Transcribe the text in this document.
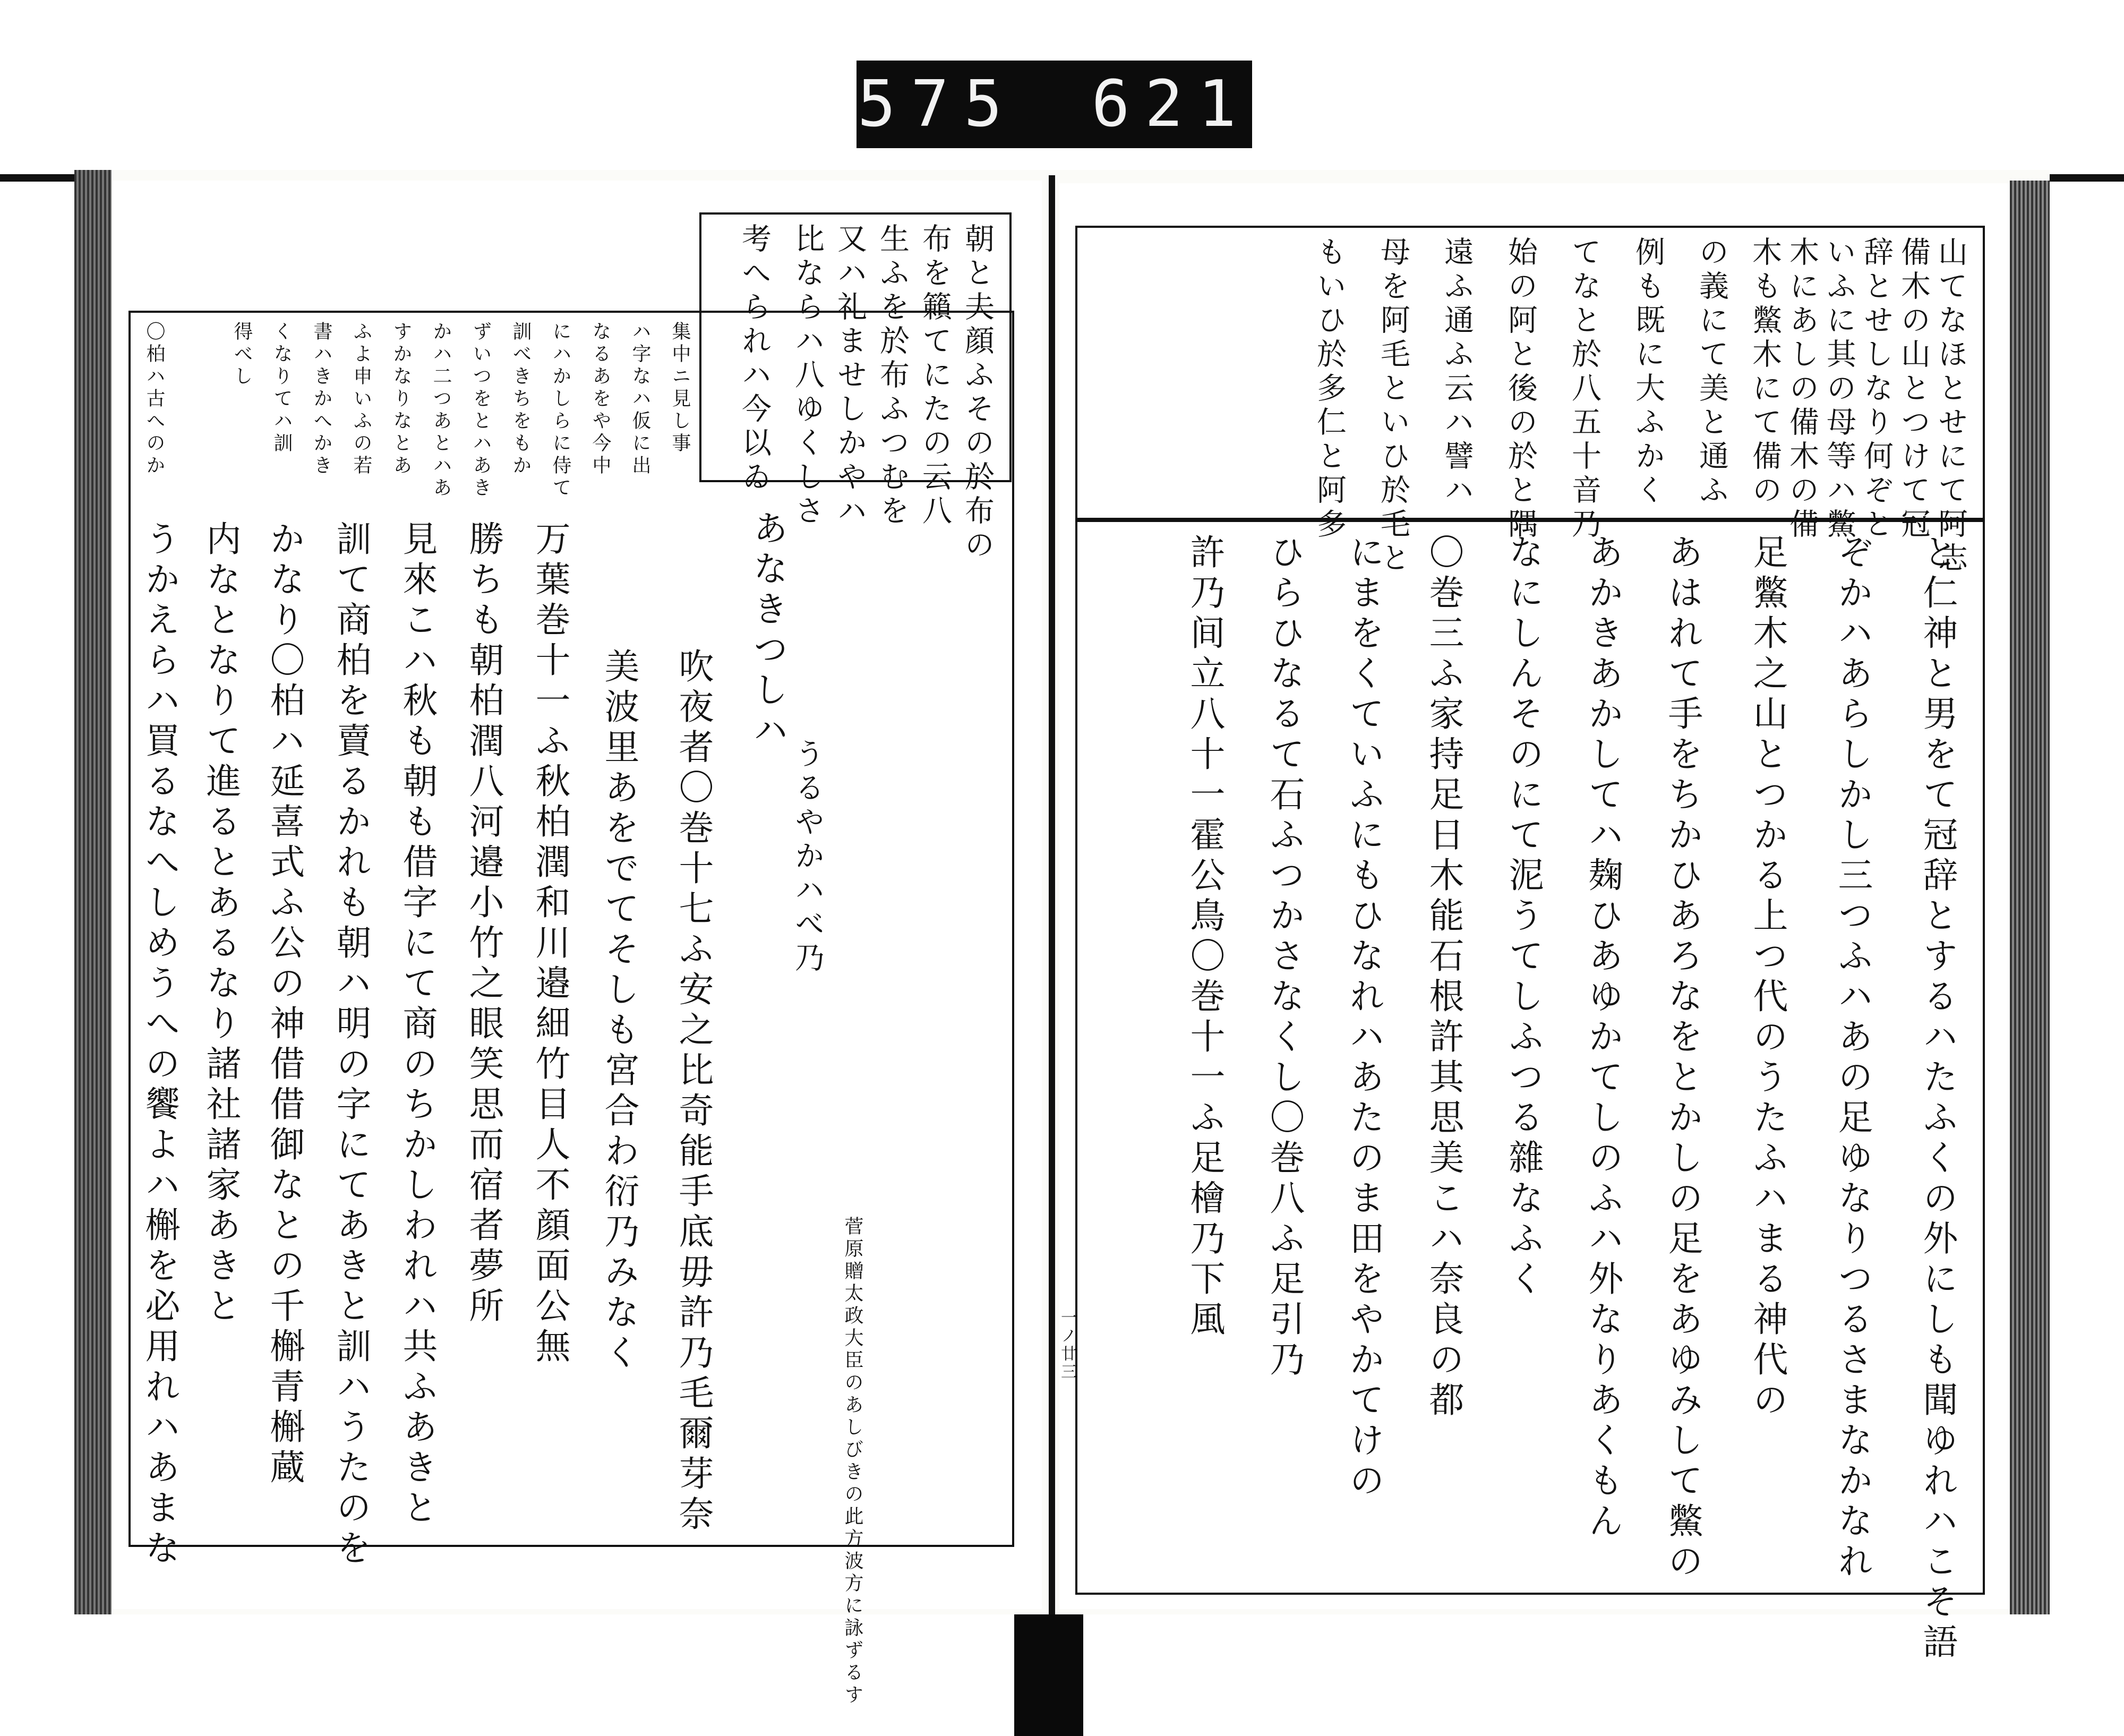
575 621
山てなほとせにて阿志
備木の山とつけて冠
辞とせしなり何ぞと
いふに其の母等ハ鱉
木にあしの備木の備
木も鱉木にて備の
の義にて美と通ふ
例も既に大ふかく
てなと於八五十音乃
始の阿と後の於と隅
遠ふ通ふ云ハ譬ハ
母を阿毛といひ於毛と
もいひ於多仁と阿多
と仁神と男をて冠辞とするハたふくの外にしも聞ゆれハこそ語
ぞかハあらしかし三つふハあの足ゆなりつるさまなかなれ
足鱉木之山とつかる上つ代のうたふハまる神代の
あはれて手をちかひあろなをとかしの足をあゆみして鱉の
あかきあかしてハ麹ひあゆかてしのふハ外なりあくもん
なにしんそのにて泥うてしふつる雜なふく
〇巻三ふ家持足日木能石根許其思美こハ奈良の都
にまをくていふにもひなれハあたのま田をやかてけの
ひらひなるて石ふつかさなくし〇巻八ふ足引乃
許乃间立八十一霍公鳥〇巻十一ふ足檜乃下風
一ノ廿三
朝と夫顔ふその於布の
布を籟てにたの云八
生ふを於布ふつむを
又ハ礼ませしかやハ
比ならハ八ゆくしさ
考へられハ今以ゐ
集中ニ見し事
ハ字なハ仮に出
なるあをや今中
にハかしらに侍て
訓べきちをもか
ずいつをとハあき
かハ二つあとハあ
すかなりなとあ
ふよ申いふの若
書ハきかへかき
くなりてハ訓
得べし
〇柏ハ古へのか
あなきつしハ
うるやかハべ乃
吹夜者〇巻十七ふ安之比奇能手底毋許乃毛爾芽奈
美波里あをでてそしも宮合わ衍乃みなく
万葉巻十一ふ秋柏潤和川邉細竹目人不顔面公無
勝ちも朝柏潤八河邉小竹之眼笑思而宿者夢所
見來こハ秋も朝も借字にて商のちかしわれハ共ふあきと
訓て商柏を賣るかれも朝ハ明の字にてあきと訓ハうたのを
かなり〇柏ハ延喜式ふ公の神借借御なとの千槲青槲蔵
内なとなりて進るとあるなり諸社諸家あきと
うかえらハ買るなへしめうへの饗よハ槲を必用れハあまな	菅原贈太政大臣のあしびきの此方波方に詠ずるす
